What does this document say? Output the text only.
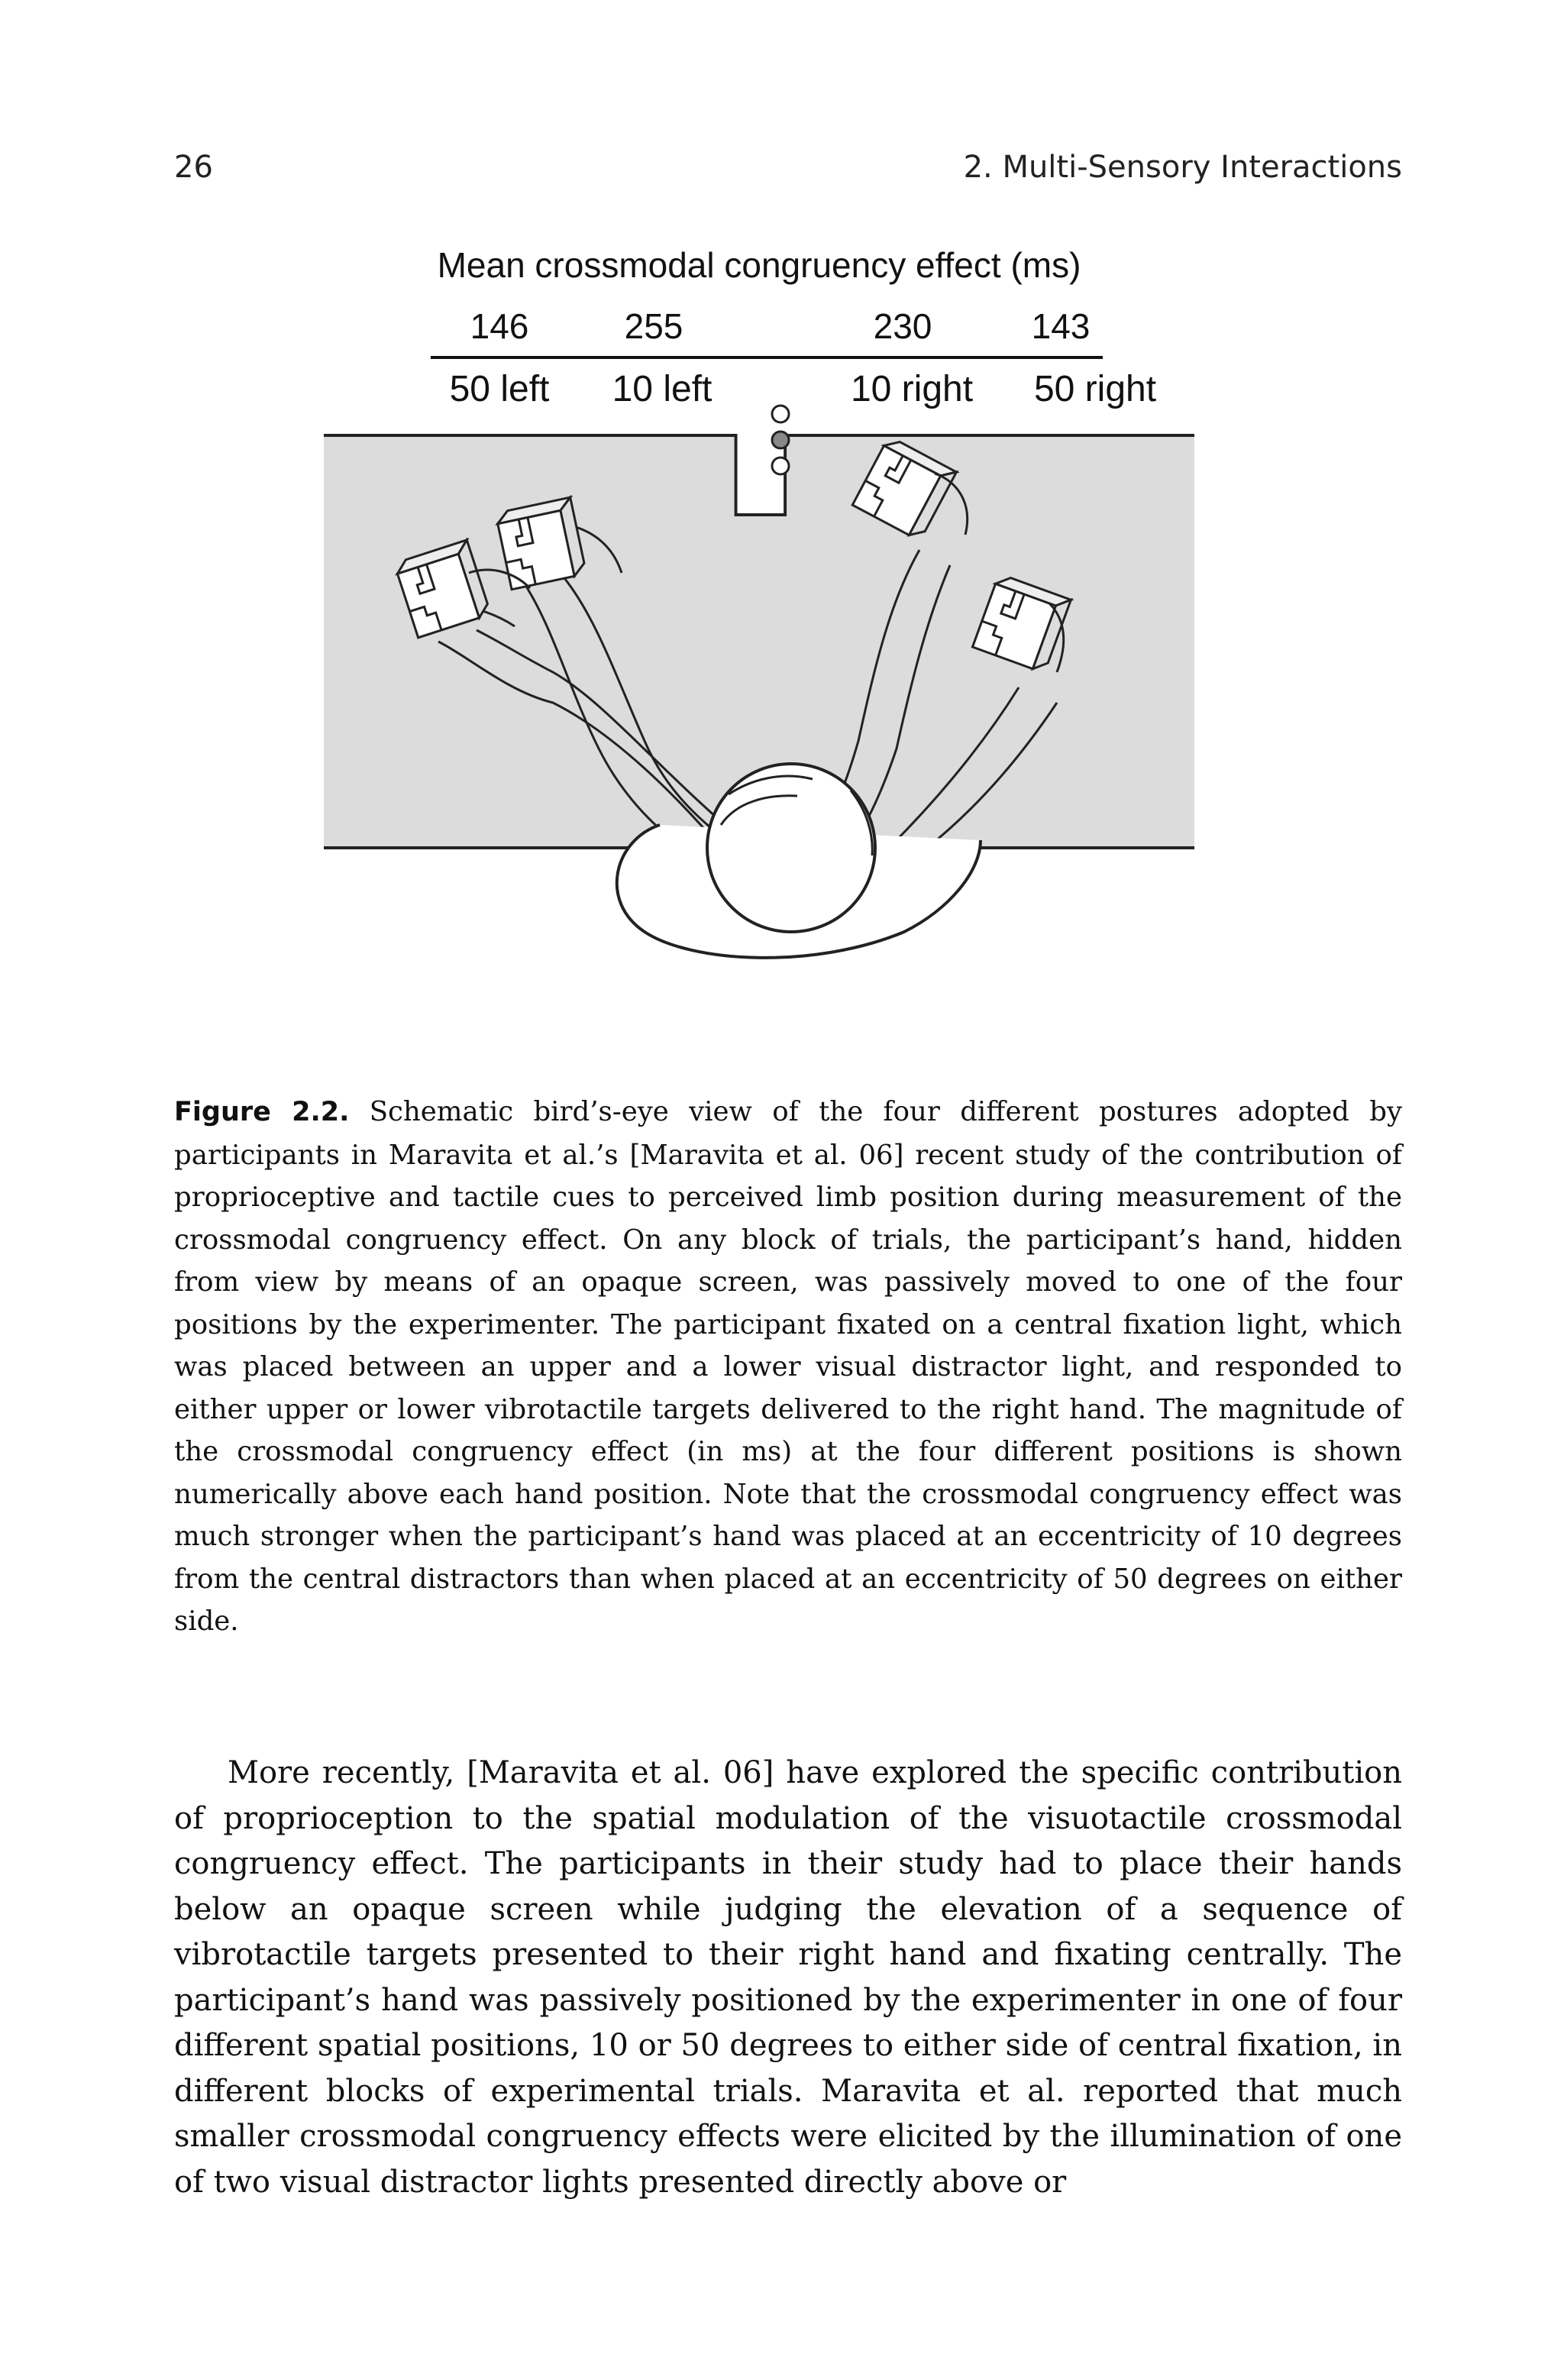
26	2. Multi-Sensory Interactions
Mean crossmodal congruency effect (ms)
146	255	230	143
50 left	10 left	10 right	50 right
Figure 2.2. Schematic bird’s-eye view of the four different postures adopted by participants in Maravita et al.’s [Maravita et al. 06] recent study of the contribution of proprioceptive and tactile cues to perceived limb position during measurement of the crossmodal congruency effect. On any block of trials, the participant’s hand, hidden from view by means of an opaque screen, was passively moved to one of the four positions by the experimenter. The participant fixated on a central fixation light, which was placed between an upper and a lower visual distractor light, and responded to either upper or lower vibrotactile targets delivered to the right hand. The magnitude of the crossmodal congruency effect (in ms) at the four different positions is shown numerically above each hand position. Note that the crossmodal congruency effect was much stronger when the participant’s hand was placed at an eccentricity of 10 degrees from the central distractors than when placed at an eccentricity of 50 degrees on either side.
More recently, [Maravita et al. 06] have explored the specific contribution of proprioception to the spatial modulation of the visuotactile crossmodal congruency effect. The participants in their study had to place their hands below an opaque screen while judging the elevation of a sequence of vibrotactile targets presented to their right hand and fixating centrally. The participant’s hand was passively positioned by the experimenter in one of four different spatial positions, 10 or 50 degrees to either side of central fixation, in different blocks of experimental trials. Maravita et al. reported that much smaller crossmodal congruency effects were elicited by the illumination of one of two visual distractor lights presented directly above or
